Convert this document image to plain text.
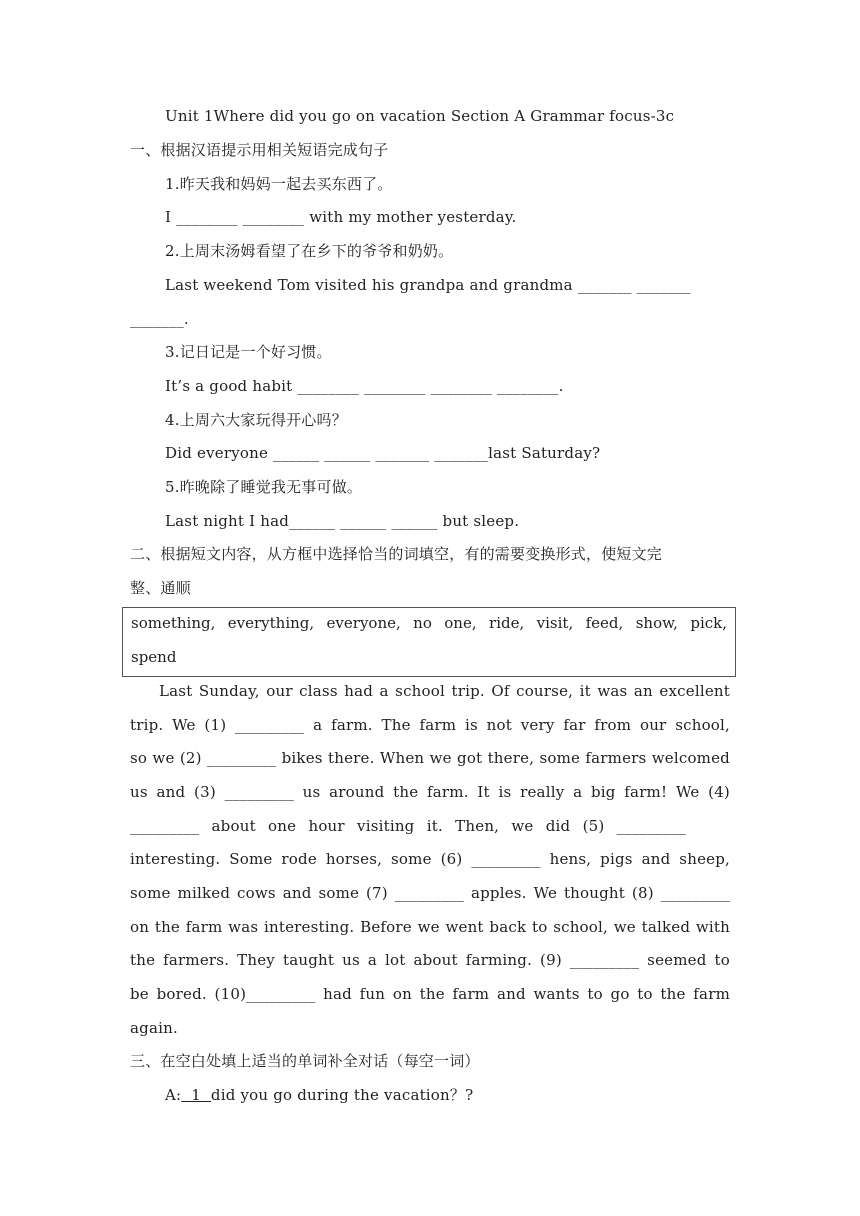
Unit 1Where did you go on vacation Section A Grammar focus-3c
一、根据汉语提示用相关短语完成句子
1.昨天我和妈妈一起去买东西了。
I ________ ________ with my mother yesterday.
2.上周末汤姆看望了在乡下的爷爷和奶奶。
Last weekend Tom visited his grandpa and grandma _______ _______
_______.
3.记日记是一个好习惯。
It’s a good habit ________ ________ ________ ________.
4.上周六大家玩得开心吗？
Did everyone ______ ______ _______ _______last Saturday?
5.昨晚除了睡觉我无事可做。
Last night I had______ ______ ______ but sleep.
二、根据短文内容，从方框中选择恰当的词填空，有的需要变换形式，使短文完
整、通顺
something, everything, everyone, no one, ride, visit, feed, show, pick,
spend
Last Sunday, our class had a school trip. Of course, it was an excellent
trip. We (1) _________ a farm. The farm is not very far from our school,
so we (2) _________ bikes there. When we got there, some farmers welcomed
us and (3) _________ us around the farm. It is really a big farm! We (4)
_________ about one hour visiting it. Then, we did (5) _________
interesting. Some rode horses, some (6) _________ hens, pigs and sheep,
some milked cows and some (7) _________ apples. We thought (8) _________
on the farm was interesting. Before we went back to school, we talked with
the farmers. They taught us a lot about farming. (9) _________ seemed to
be bored. (10)_________ had fun on the farm and wants to go to the farm
again.
三、在空白处填上适当的单词补全对话（每空一词）
A:  1  did you go during the vacation？?
